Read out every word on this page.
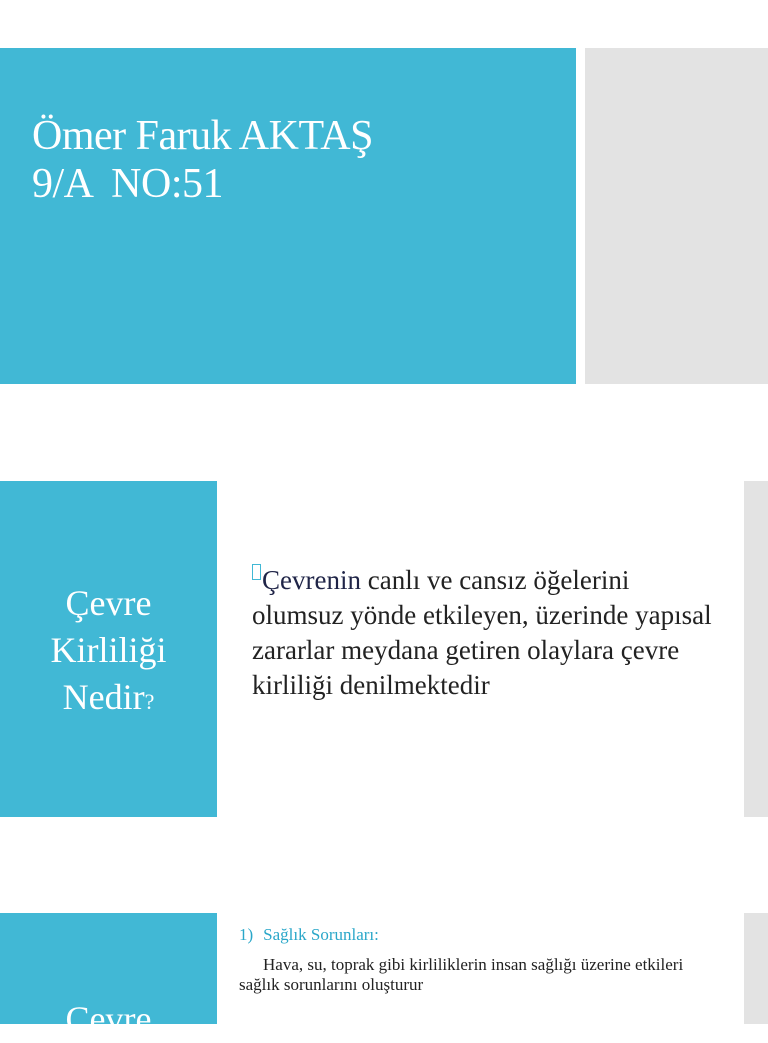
Ömer Faruk AKTAŞ
9/A  NO:51
Çevre
Kirliliği
Nedir?
Çevrenin canlı ve cansız öğelerini olumsuz yönde etkileyen, üzerinde yapısal zararlar meydana getiren olaylara çevre kirliliği denilmektedir
Çevre
1) Sağlık Sorunları:
Hava, su, toprak gibi kirliliklerin insan sağlığı üzerine etkileri sağlık sorunlarını oluşturur
